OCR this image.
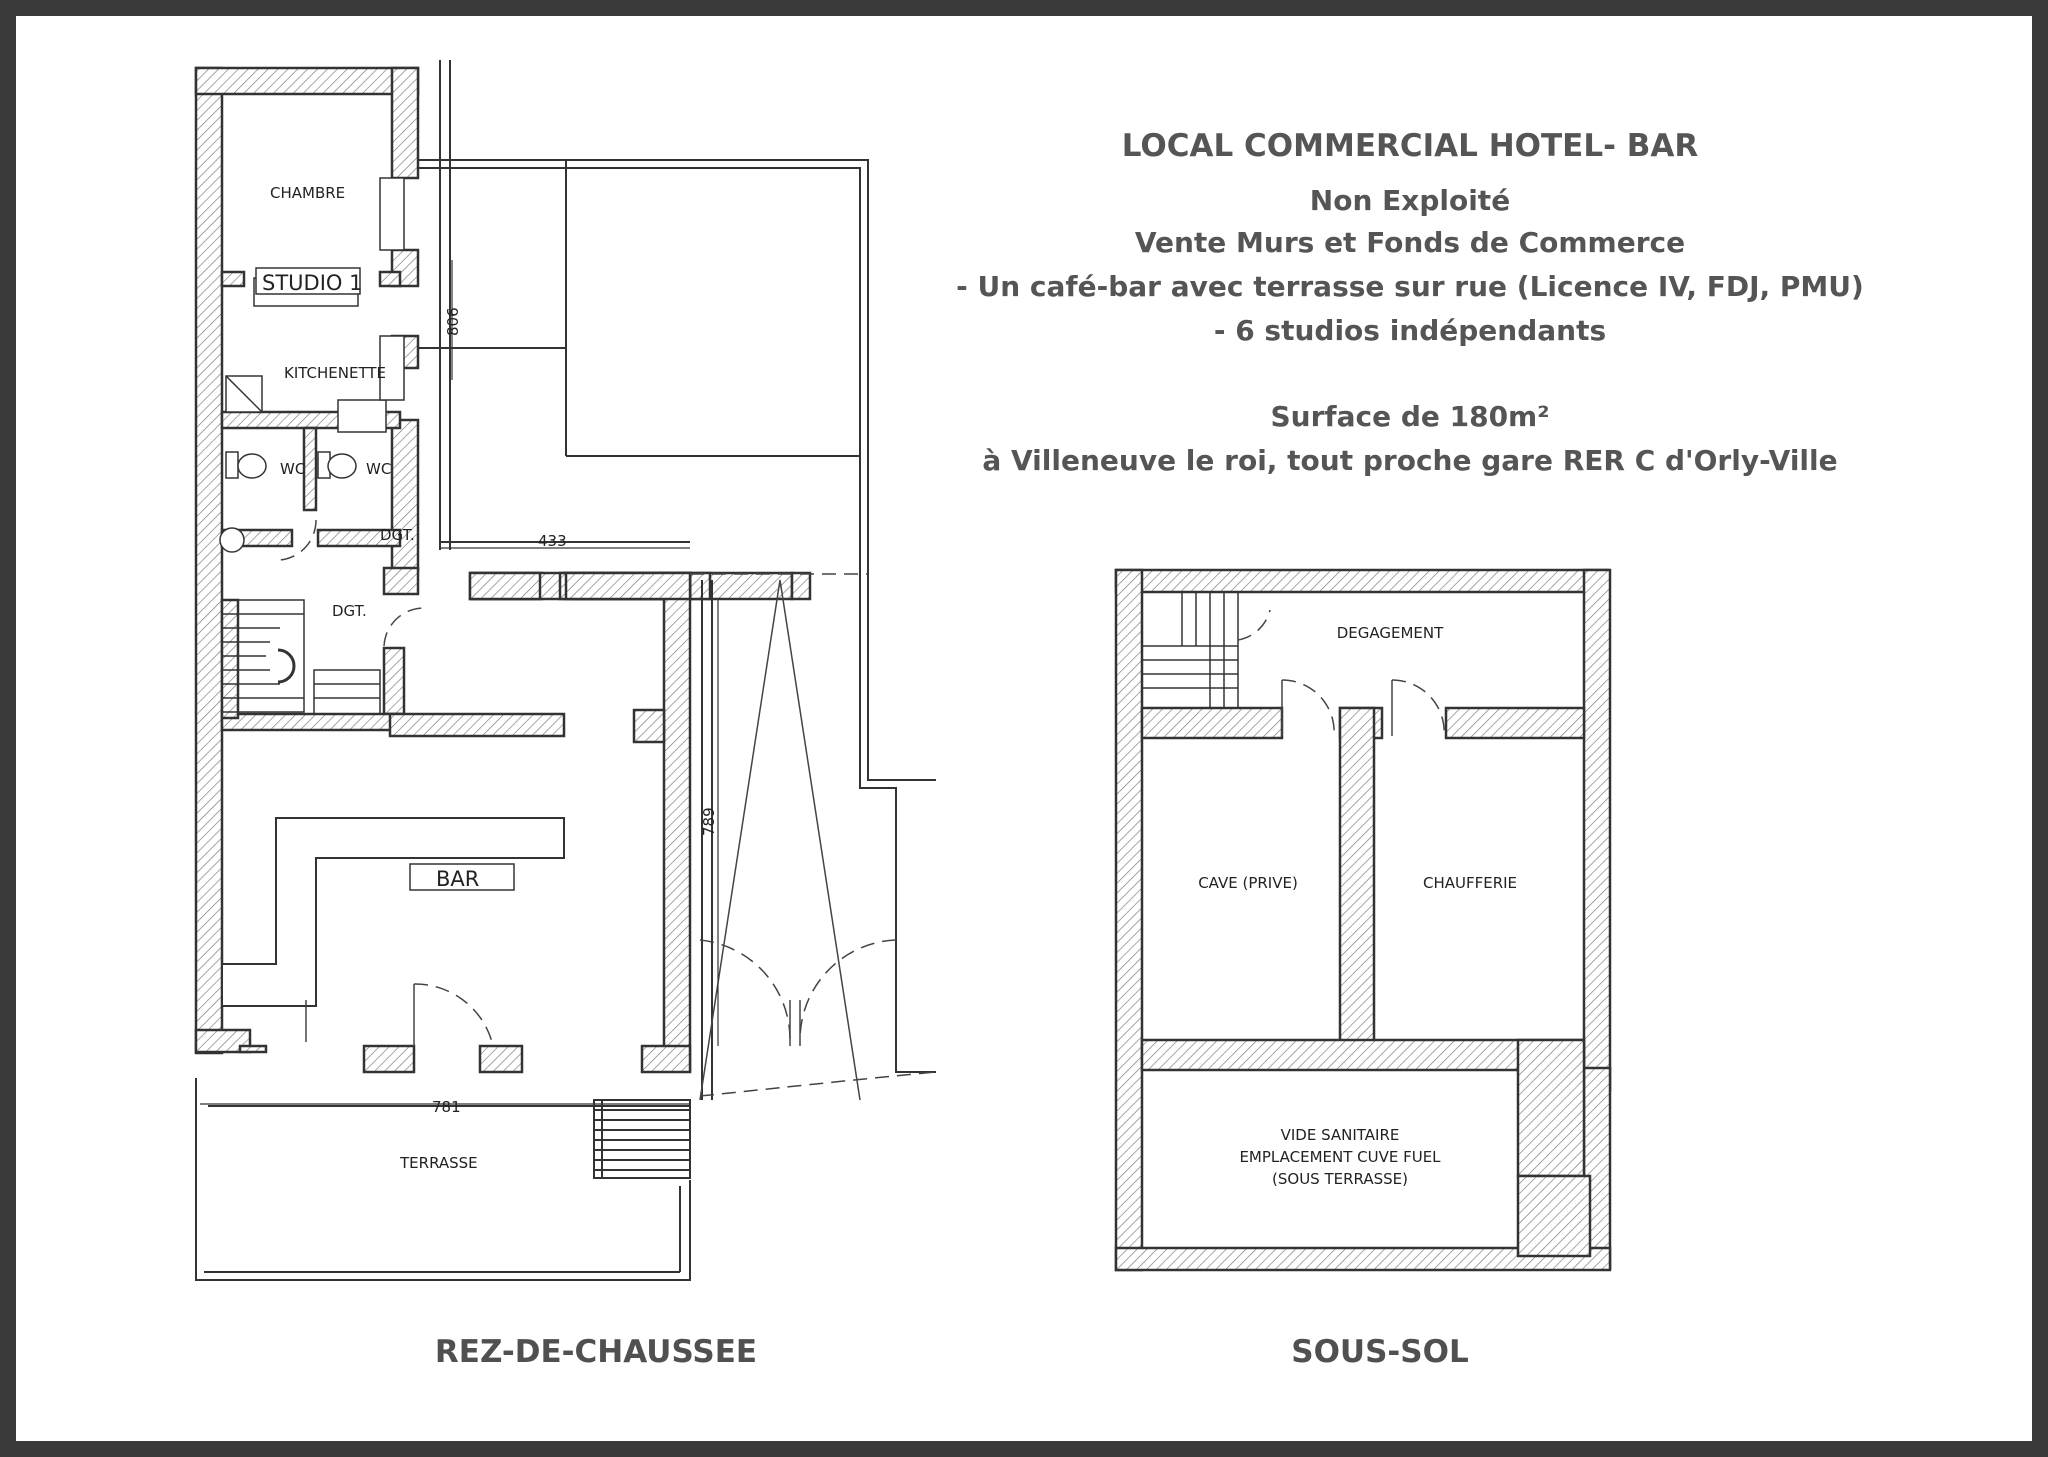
CHAMBRE
STUDIO 1
KITCHENETTE
WC	WC
DGT.
DGT.
BAR
TERRASSE
806
433
789
781
DEGAGEMENT
CAVE (PRIVE)	CHAUFFERIE
VIDE SANITAIRE
EMPLACEMENT CUVE FUEL
(SOUS TERRASSE)
LOCAL COMMERCIAL HOTEL- BAR
Non Exploité
Vente Murs et Fonds de Commerce
- Un café-bar avec terrasse sur rue (Licence IV, FDJ, PMU)
- 6 studios indépendants
Surface de 180m²
à Villeneuve le roi, tout proche gare RER C d'Orly-Ville
REZ-DE-CHAUSSEE	SOUS-SOL
